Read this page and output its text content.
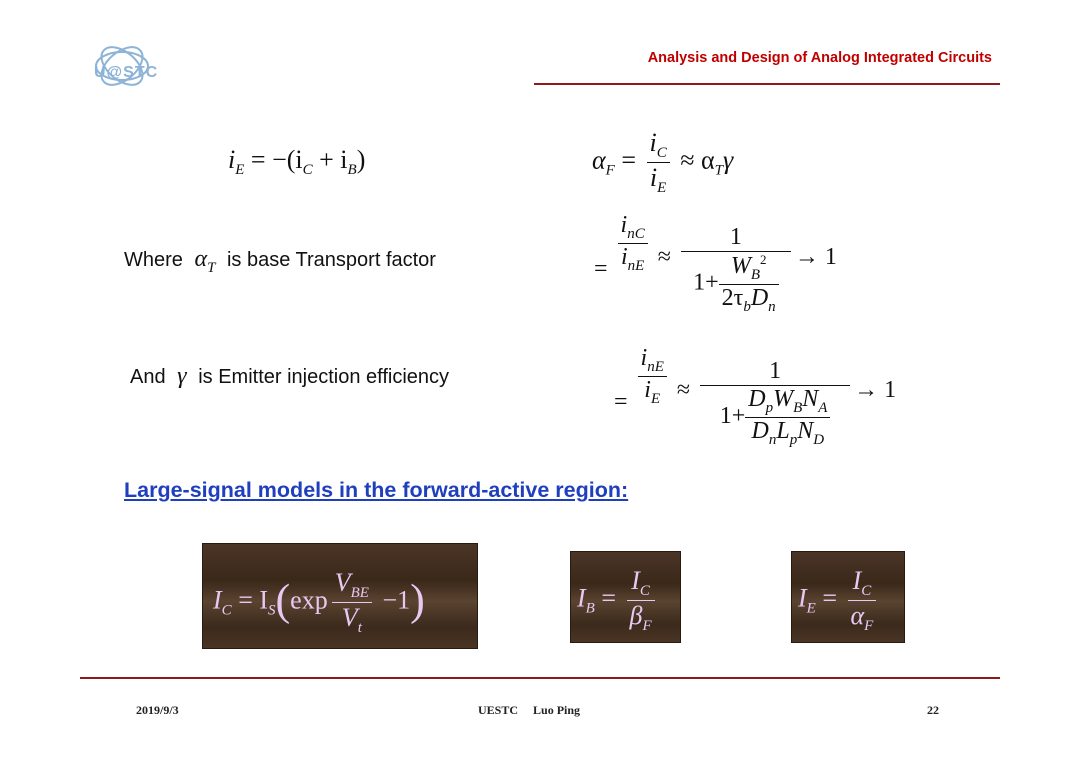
U@STC
Analysis and Design of Analog Integrated Circuits
$i_E = -(i_C + i_B)$	$\alpha_F = \frac{i_C}{i_E} \approx \alpha_T\gamma$
Where $\alpha_T$ is base Transport factor	= $\frac{i_{nC}}{i_{nE}} \approx \frac{1}{1+ \frac{W_B^2}{2\tau_bD_n}} \to 1$
And γ is Emitter injection efficiency
= $\frac{i_{nE}}{i_E} \approx \frac{1}{1+ \frac{D_pW_BN_A}{D_nL_pN_D}} \to 1$
Large-signal models in the forward-active region:
$I_C = I_S(\exp \frac{V_{BE}}{V_t} -1)$	$I_B = \frac{I_C}{\beta_F}$	$I_E = \frac{I_C}{\alpha_F}$
2019/9/3	UESTC     Luo Ping	22
